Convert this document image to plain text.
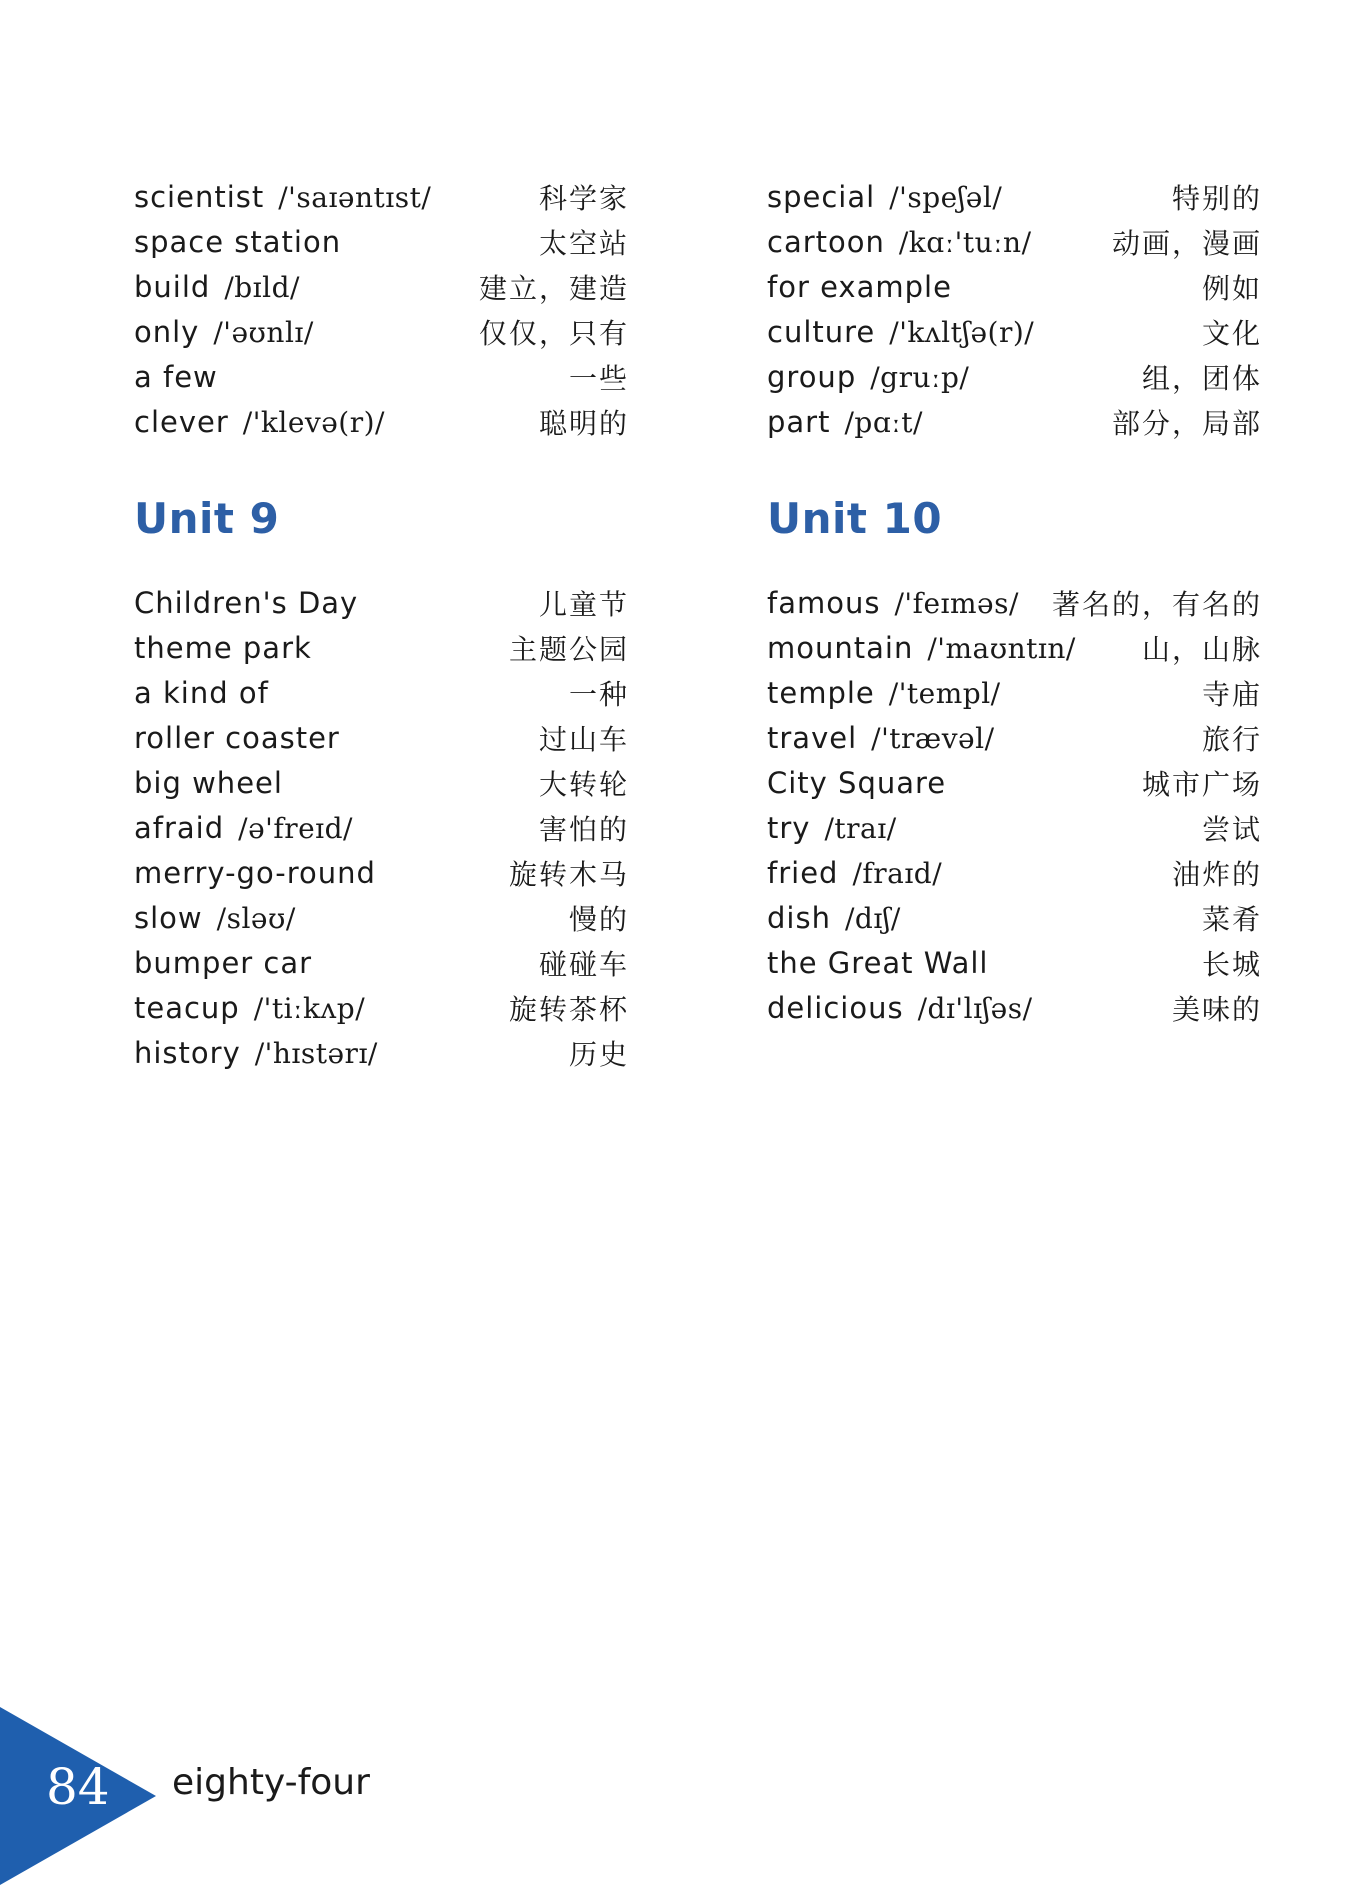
scientist /'saɪəntɪst/	科学家
space station	太空站
build /bɪld/	建立，建造
only /'əʊnlɪ/	仅仅，只有
a few	一些
clever /'klevə(r)/	聪明的
special /'speʃəl/	特别的
cartoon /kɑː'tuːn/	动画，漫画
for example	例如
culture /'kʌltʃə(r)/	文化
group /gruːp/	组，团体
part /pɑːt/	部分，局部
Unit 9	Unit 10
Children's Day	儿童节
theme park	主题公园
a kind of	一种
roller coaster	过山车
big wheel	大转轮
afraid /ə'freɪd/	害怕的
merry-go-round	旋转木马
slow /sləʊ/	慢的
bumper car	碰碰车
teacup /'tiːkʌp/	旋转茶杯
history /'hɪstərɪ/	历史
famous /'feɪməs/ 著名的，有名的
mountain /'maʊntɪn/ 山，山脉
temple /'templ/	寺庙
travel /'trævəl/	旅行
City Square	城市广场
try /traɪ/	尝试
fried /fraɪd/	油炸的
dish /dɪʃ/	菜肴
the Great Wall	长城
delicious /dɪ'lɪʃəs/	美味的
84	eighty-four
